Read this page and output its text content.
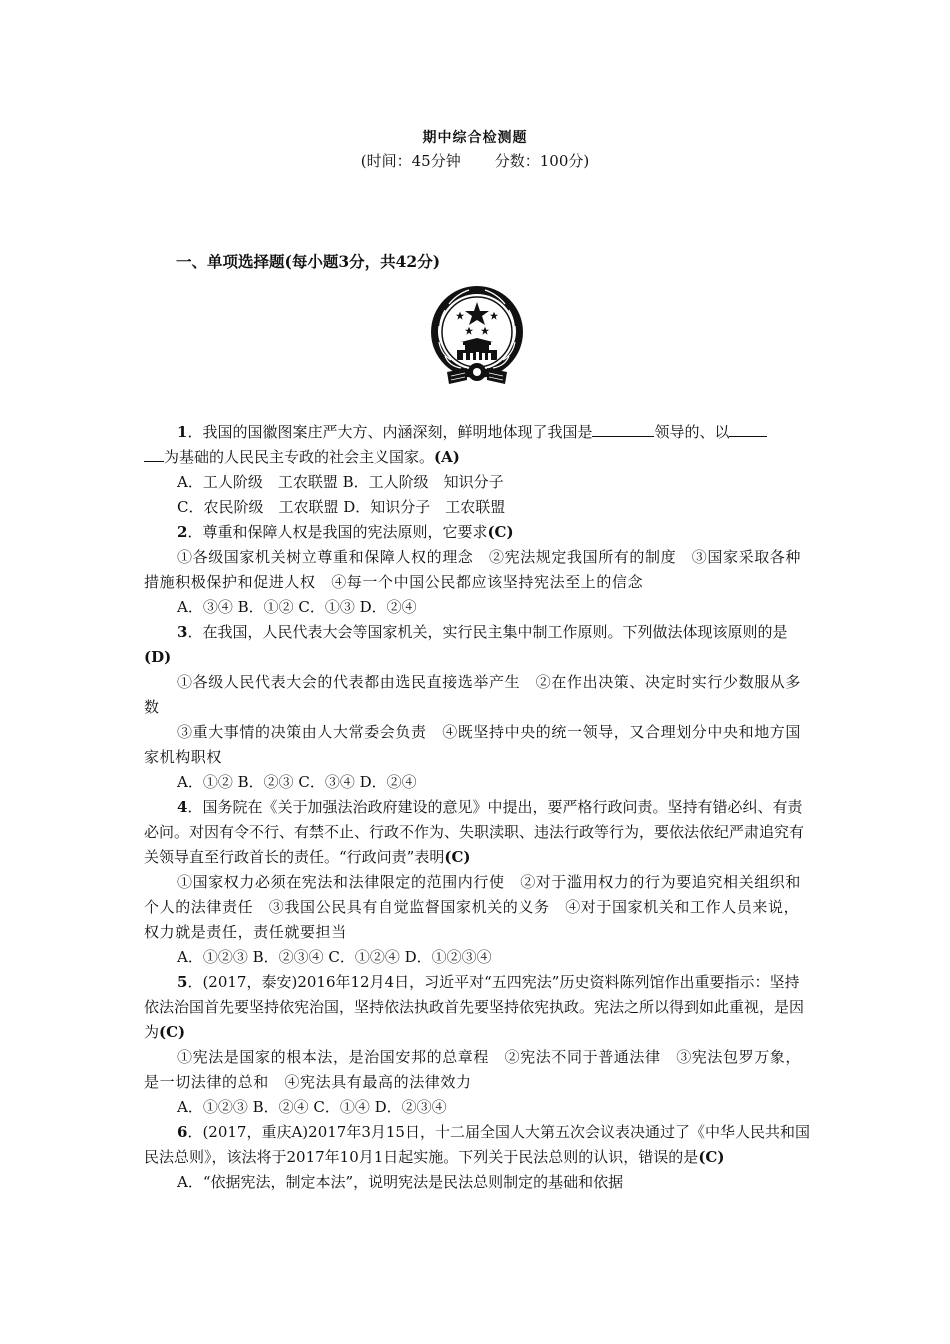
期中综合检测题
(时间：45分钟 分数：100分)
一、单项选择题(每小题3分，共42分)

1．我国的国徽图案庄严大方、内涵深刻，鲜明地体现了我国是	领导的、以
为基础的人民民主专政的社会主义国家。(A)

A．工人阶级　工农联盟 B．工人阶级　知识分子

C．农民阶级　工农联盟 D．知识分子　工农联盟

2．尊重和保障人权是我国的宪法原则，它要求(C)

①各级国家机关树立尊重和保障人权的理念　②宪法规定我国所有的制度　③国家采取各种措施积极保护和促进人权　④每一个中国公民都应该坚持宪法至上的信念

A．③④ B．①② C．①③ D．②④

3．在我国，人民代表大会等国家机关，实行民主集中制工作原则。下列做法体现该原则的是(D)

①各级人民代表大会的代表都由选民直接选举产生　②在作出决策、决定时实行少数服从多数

③重大事情的决策由人大常委会负责　④既坚持中央的统一领导，又合理划分中央和地方国家机构职权

A．①② B．②③ C．③④ D．②④

4．国务院在《关于加强法治政府建设的意见》中提出，要严格行政问责。坚持有错必纠、有责必问。对因有令不行、有禁不止、行政不作为、失职渎职、违法行政等行为，要依法依纪严肃追究有关领导直至行政首长的责任。“行政问责”表明(C)

①国家权力必须在宪法和法律限定的范围内行使　②对于滥用权力的行为要追究相关组织和个人的法律责任　③我国公民具有自觉监督国家机关的义务　④对于国家机关和工作人员来说，权力就是责任，责任就要担当

A．①②③ B．②③④ C．①②④ D．①②③④

5．(2017，泰安)2016年12月4日，习近平对“五四宪法”历史资料陈列馆作出重要指示：坚持依法治国首先要坚持依宪治国，坚持依法执政首先要坚持依宪执政。宪法之所以得到如此重视，是因为(C)

①宪法是国家的根本法，是治国安邦的总章程　②宪法不同于普通法律　③宪法包罗万象，是一切法律的总和　④宪法具有最高的法律效力

A．①②③ B．②④ C．①④ D．②③④

6．(2017，重庆A)2017年3月15日，十二届全国人大第五次会议表决通过了《中华人民共和国民法总则》，该法将于2017年10月1日起实施。下列关于民法总则的认识，错误的是(C)

A．“依据宪法，制定本法”，说明宪法是民法总则制定的基础和依据
